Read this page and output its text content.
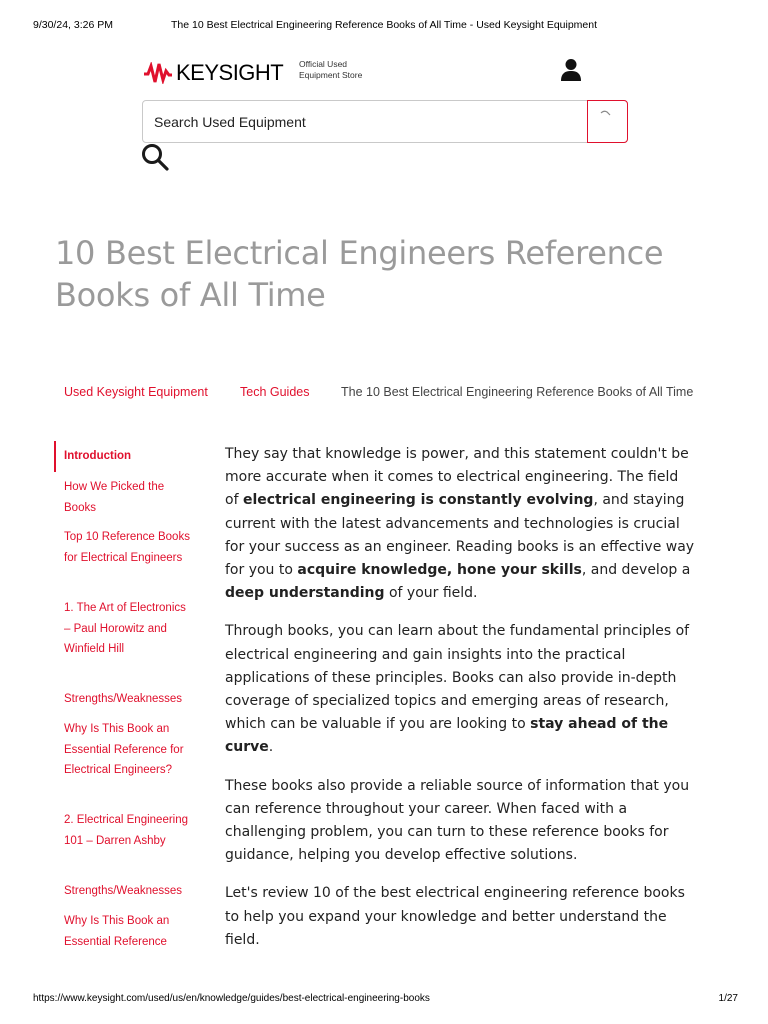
9/30/24, 3:26 PM	The 10 Best Electrical Engineering Reference Books of All Time - Used Keysight Equipment
KEYSIGHT Official Used
Equipment Store
Search Used Equipment
10 Best Electrical Engineers Reference Books of All Time
Used Keysight Equipment	Tech Guides	The 10 Best Electrical Engineering Reference Books of All Time
Introduction
How We Picked the Books
Top 10 Reference Books for Electrical Engineers
1. The Art of Electronics – Paul Horowitz and Winfield Hill
Strengths/Weaknesses
Why Is This Book an Essential Reference for Electrical Engineers?
2. Electrical Engineering 101 – Darren Ashby
Strengths/Weaknesses
Why Is This Book an Essential Reference

They say that knowledge is power, and this statement couldn't be more accurate when it comes to electrical engineering. The field of electrical engineering is constantly evolving, and staying current with the latest advancements and technologies is crucial for your success as an engineer. Reading books is an effective way for you to acquire knowledge, hone your skills, and develop a deep understanding of your field.

Through books, you can learn about the fundamental principles of electrical engineering and gain insights into the practical applications of these principles. Books can also provide in-depth coverage of specialized topics and emerging areas of research, which can be valuable if you are looking to stay ahead of the curve.

These books also provide a reliable source of information that you can reference throughout your career. When faced with a challenging problem, you can turn to these reference books for guidance, helping you develop effective solutions.

Let's review 10 of the best electrical engineering reference books to help you expand your knowledge and better understand the field.

https://www.keysight.com/used/us/en/knowledge/guides/best-electrical-engineering-books	1/27
